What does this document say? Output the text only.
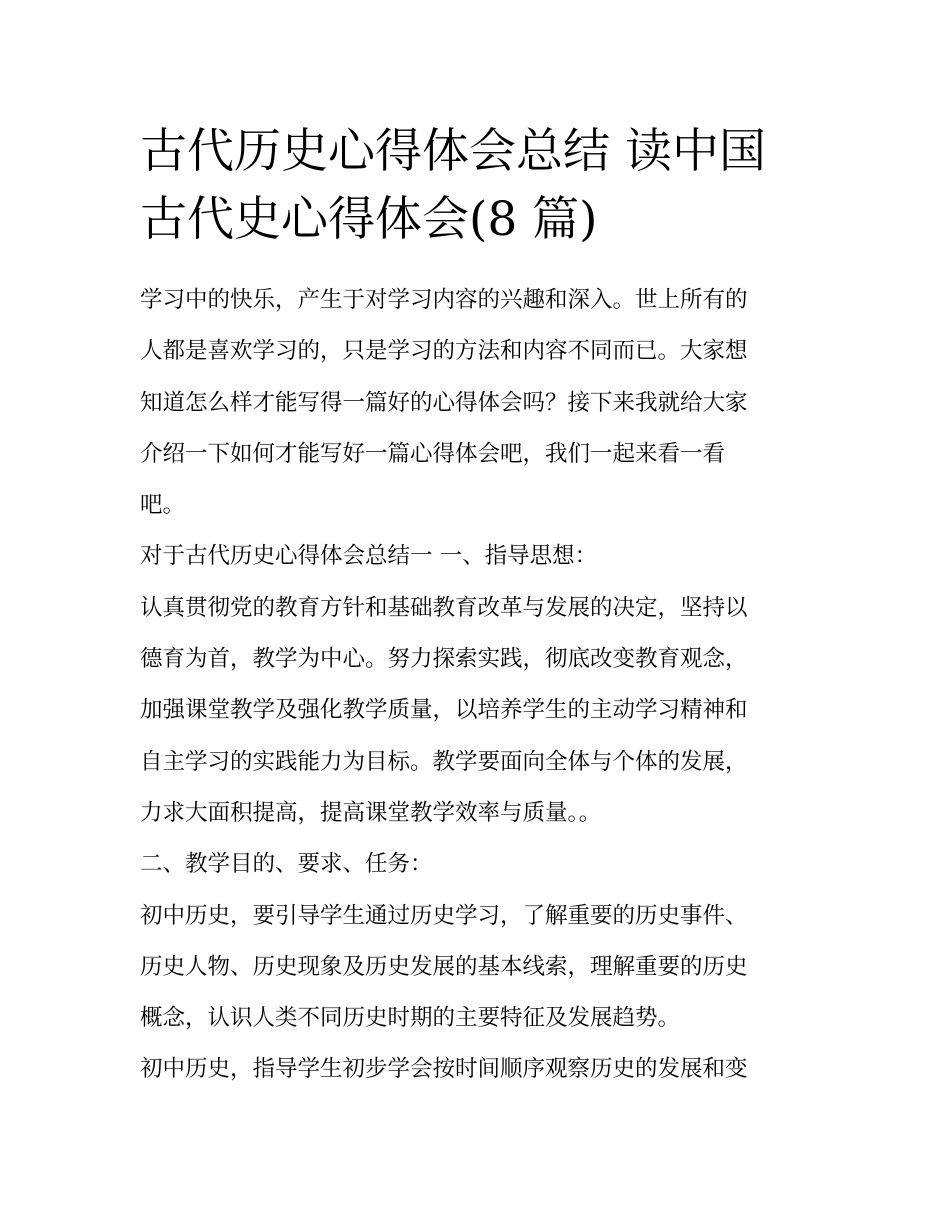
古代历史心得体会总结 读中国
古代史心得体会(8 篇)
学习中的快乐，产生于对学习内容的兴趣和深入。世上所有的
人都是喜欢学习的，只是学习的方法和内容不同而已。大家想
知道怎么样才能写得一篇好的心得体会吗？接下来我就给大家
介绍一下如何才能写好一篇心得体会吧，我们一起来看一看
吧。
对于古代历史心得体会总结一 一、指导思想：
认真贯彻党的教育方针和基础教育改革与发展的决定，坚持以
德育为首，教学为中心。努力探索实践，彻底改变教育观念，
加强课堂教学及强化教学质量，以培养学生的主动学习精神和
自主学习的实践能力为目标。教学要面向全体与个体的发展，
力求大面积提高，提高课堂教学效率与质量。。
二、教学目的、要求、任务：
初中历史，要引导学生通过历史学习，了解重要的历史事件、
历史人物、历史现象及历史发展的基本线索，理解重要的历史
概念，认识人类不同历史时期的主要特征及发展趋势。
初中历史，指导学生初步学会按时间顺序观察历史的发展和变
